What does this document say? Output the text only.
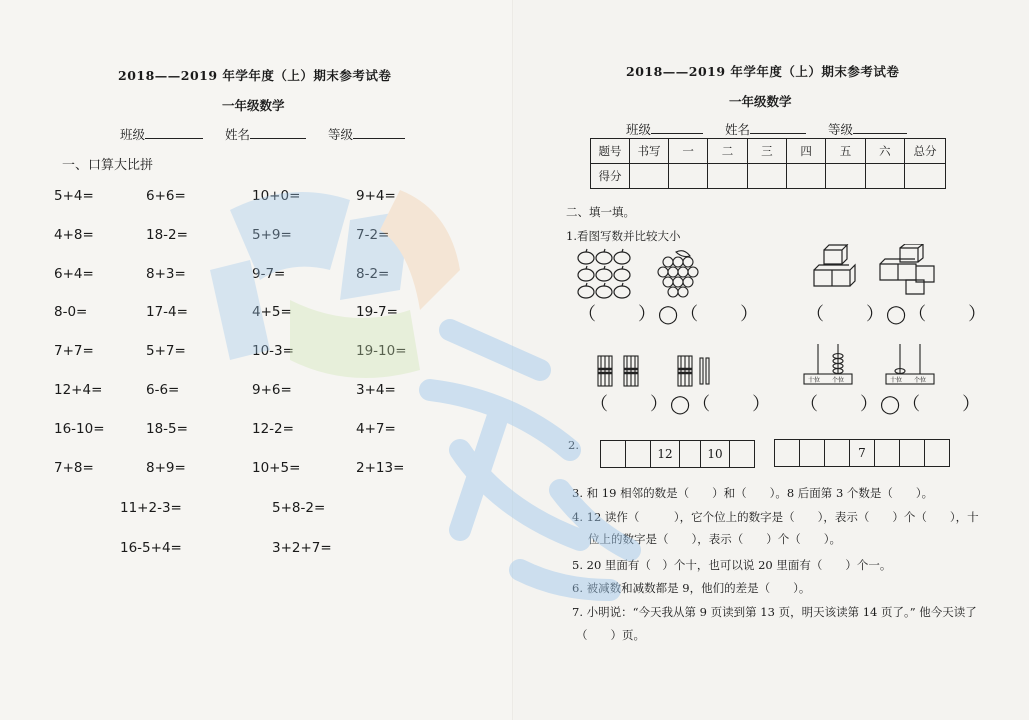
2018——2019 年学年度（上）期末参考试卷
一年级数学
班级	姓名	等级
一、口算大比拼
5+4=	6+6=	10+0=	9+4=
4+8=	18-2=	5+9=	7-2=
6+4=	8+3=	9-7=	8-2=
8-0=	17-4=	4+5=	19-7=
7+7=	5+7=	10-3=	19-10=
12+4=	6-6=	9+6=	3+4=
16-10=	18-5=	12-2=	4+7=
7+8=	8+9=	10+5=	2+13=
11+2-3=	5+8-2=
16-5+4=	3+2+7=
2018——2019 年学年度（上）期末参考试卷
一年级数学
班级	姓名	等级
题号	书写	一	二	三	四	五	六	总分
得分								
二、填一填。
1.看图写数并比较大小
（　　）◯（　　）	（　　）◯（　　）
（　　）◯（　　）
十位 个位	十位 个位
（　　）◯（　　）
2.
12	10	7
3. 和 19 相邻的数是（　　）和（　　）。8 后面第 3 个数是（　　）。
4. 12 读作（　　　），它个位上的数字是（　　），表示（　　）个（　　），十
位上的数字是（　　），表示（　　）个（　　）。
5. 20 里面有（　）个十，也可以说 20 里面有（　　）个一。
6. 被减数和减数都是 9，他们的差是（　　）。
7. 小明说：“今天我从第 9 页读到第 13 页，明天该读第 14 页了。” 他今天读了
（　　）页。
